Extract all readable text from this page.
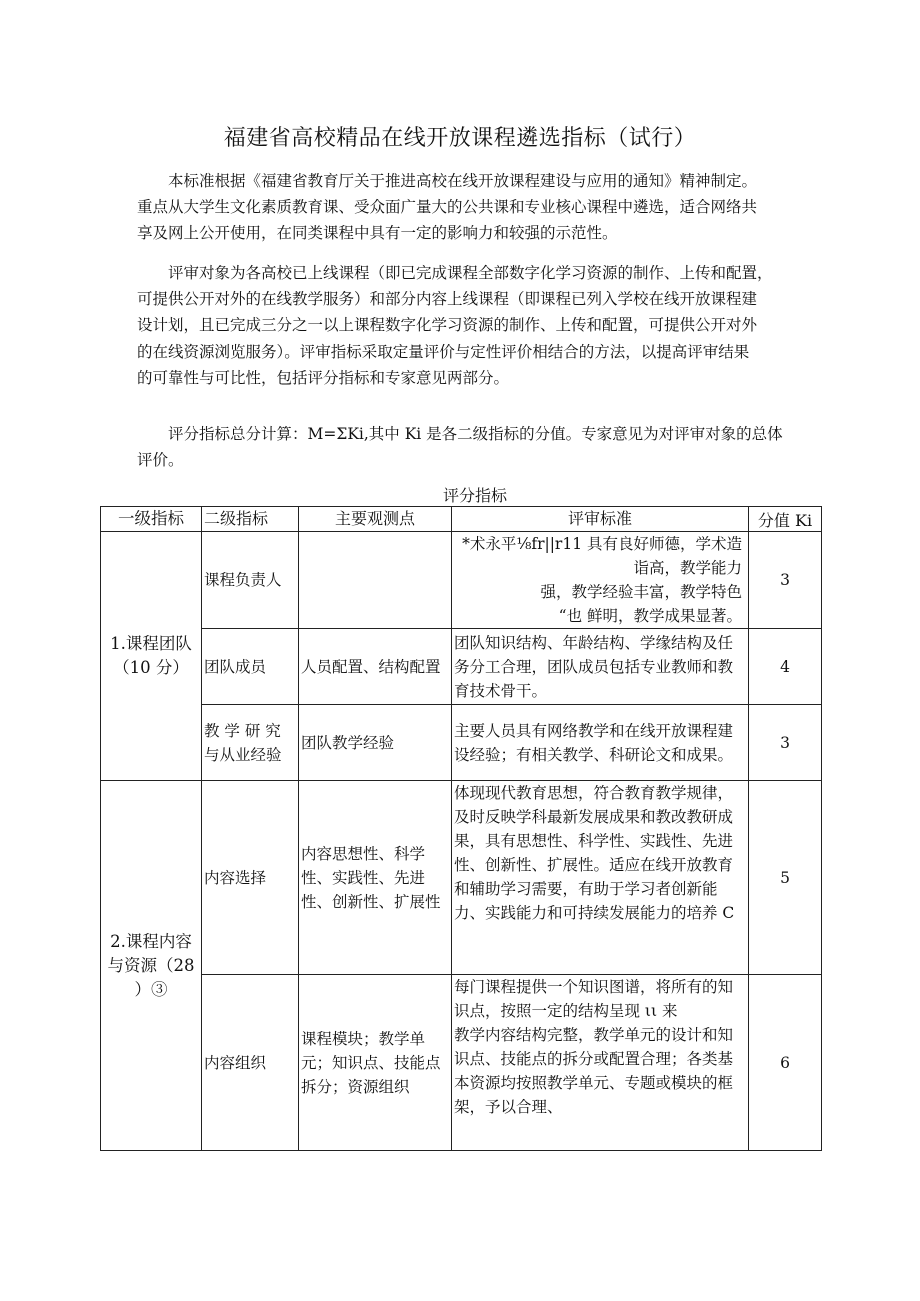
福建省高校精品在线开放课程遴选指标（试行）
本标准根据《福建省教育厅关于推进高校在线开放课程建设与应用的通知》精神制定。
重点从大学生文化素质教育课、受众面广量大的公共课和专业核心课程中遴选，适合网络共
享及网上公开使用，在同类课程中具有一定的影响力和较强的示范性。
评审对象为各高校已上线课程（即已完成课程全部数字化学习资源的制作、上传和配置，
可提供公开对外的在线教学服务）和部分内容上线课程（即课程已列入学校在线开放课程建
设计划，且已完成三分之一以上课程数字化学习资源的制作、上传和配置，可提供公开对外
的在线资源浏览服务）。评审指标采取定量评价与定性评价相结合的方法，以提高评审结果
的可靠性与可比性，包括评分指标和专家意见两部分。
评分指标总分计算：M=ΣKi,其中 Ki 是各二级指标的分值。专家意见为对评审对象的总体
评价。
评分指标
一级指标	二级指标	主要观测点	评审标准	分值 Ki
1.课程团队
（10 分）	课程负责人		*术永平⅛fr||r11 具有良好师德，学术造诣高，教学能力
强，教学经验丰富，教学特色
“也 鲜明，教学成果显著。	3
	团队成员	人员配置、结构配置	团队知识结构、年龄结构、学缘结构及任务分工合理，团队成员包括专业教师和教育技术骨干。	4
	教 学 研 究 与从业经验	团队教学经验	主要人员具有网络教学和在线开放课程建设经验；有相关教学、科研论文和成果。	3
2.课程内容
与资源（28
）③	内容选择	内容思想性、科学性、实践性、先进性、创新性、扩展性	体现现代教育思想，符合教育教学规律，及时反映学科最新发展成果和教改教研成果，具有思想性、科学性、实践性、先进性、创新性、扩展性。适应在线开放教育和辅助学习需要，有助于学习者创新能力、实践能力和可持续发展能力的培养 C	5
	内容组织	课程模块；教学单元；知识点、技能点拆分；资源组织	每门课程提供一个知识图谱，将所有的知识点，按照一定的结构呈现 ιι 来
教学内容结构完整，教学单元的设计和知识点、技能点的拆分或配置合理；各类基本资源均按照教学单元、专题或模块的框架，予以合理、	6
